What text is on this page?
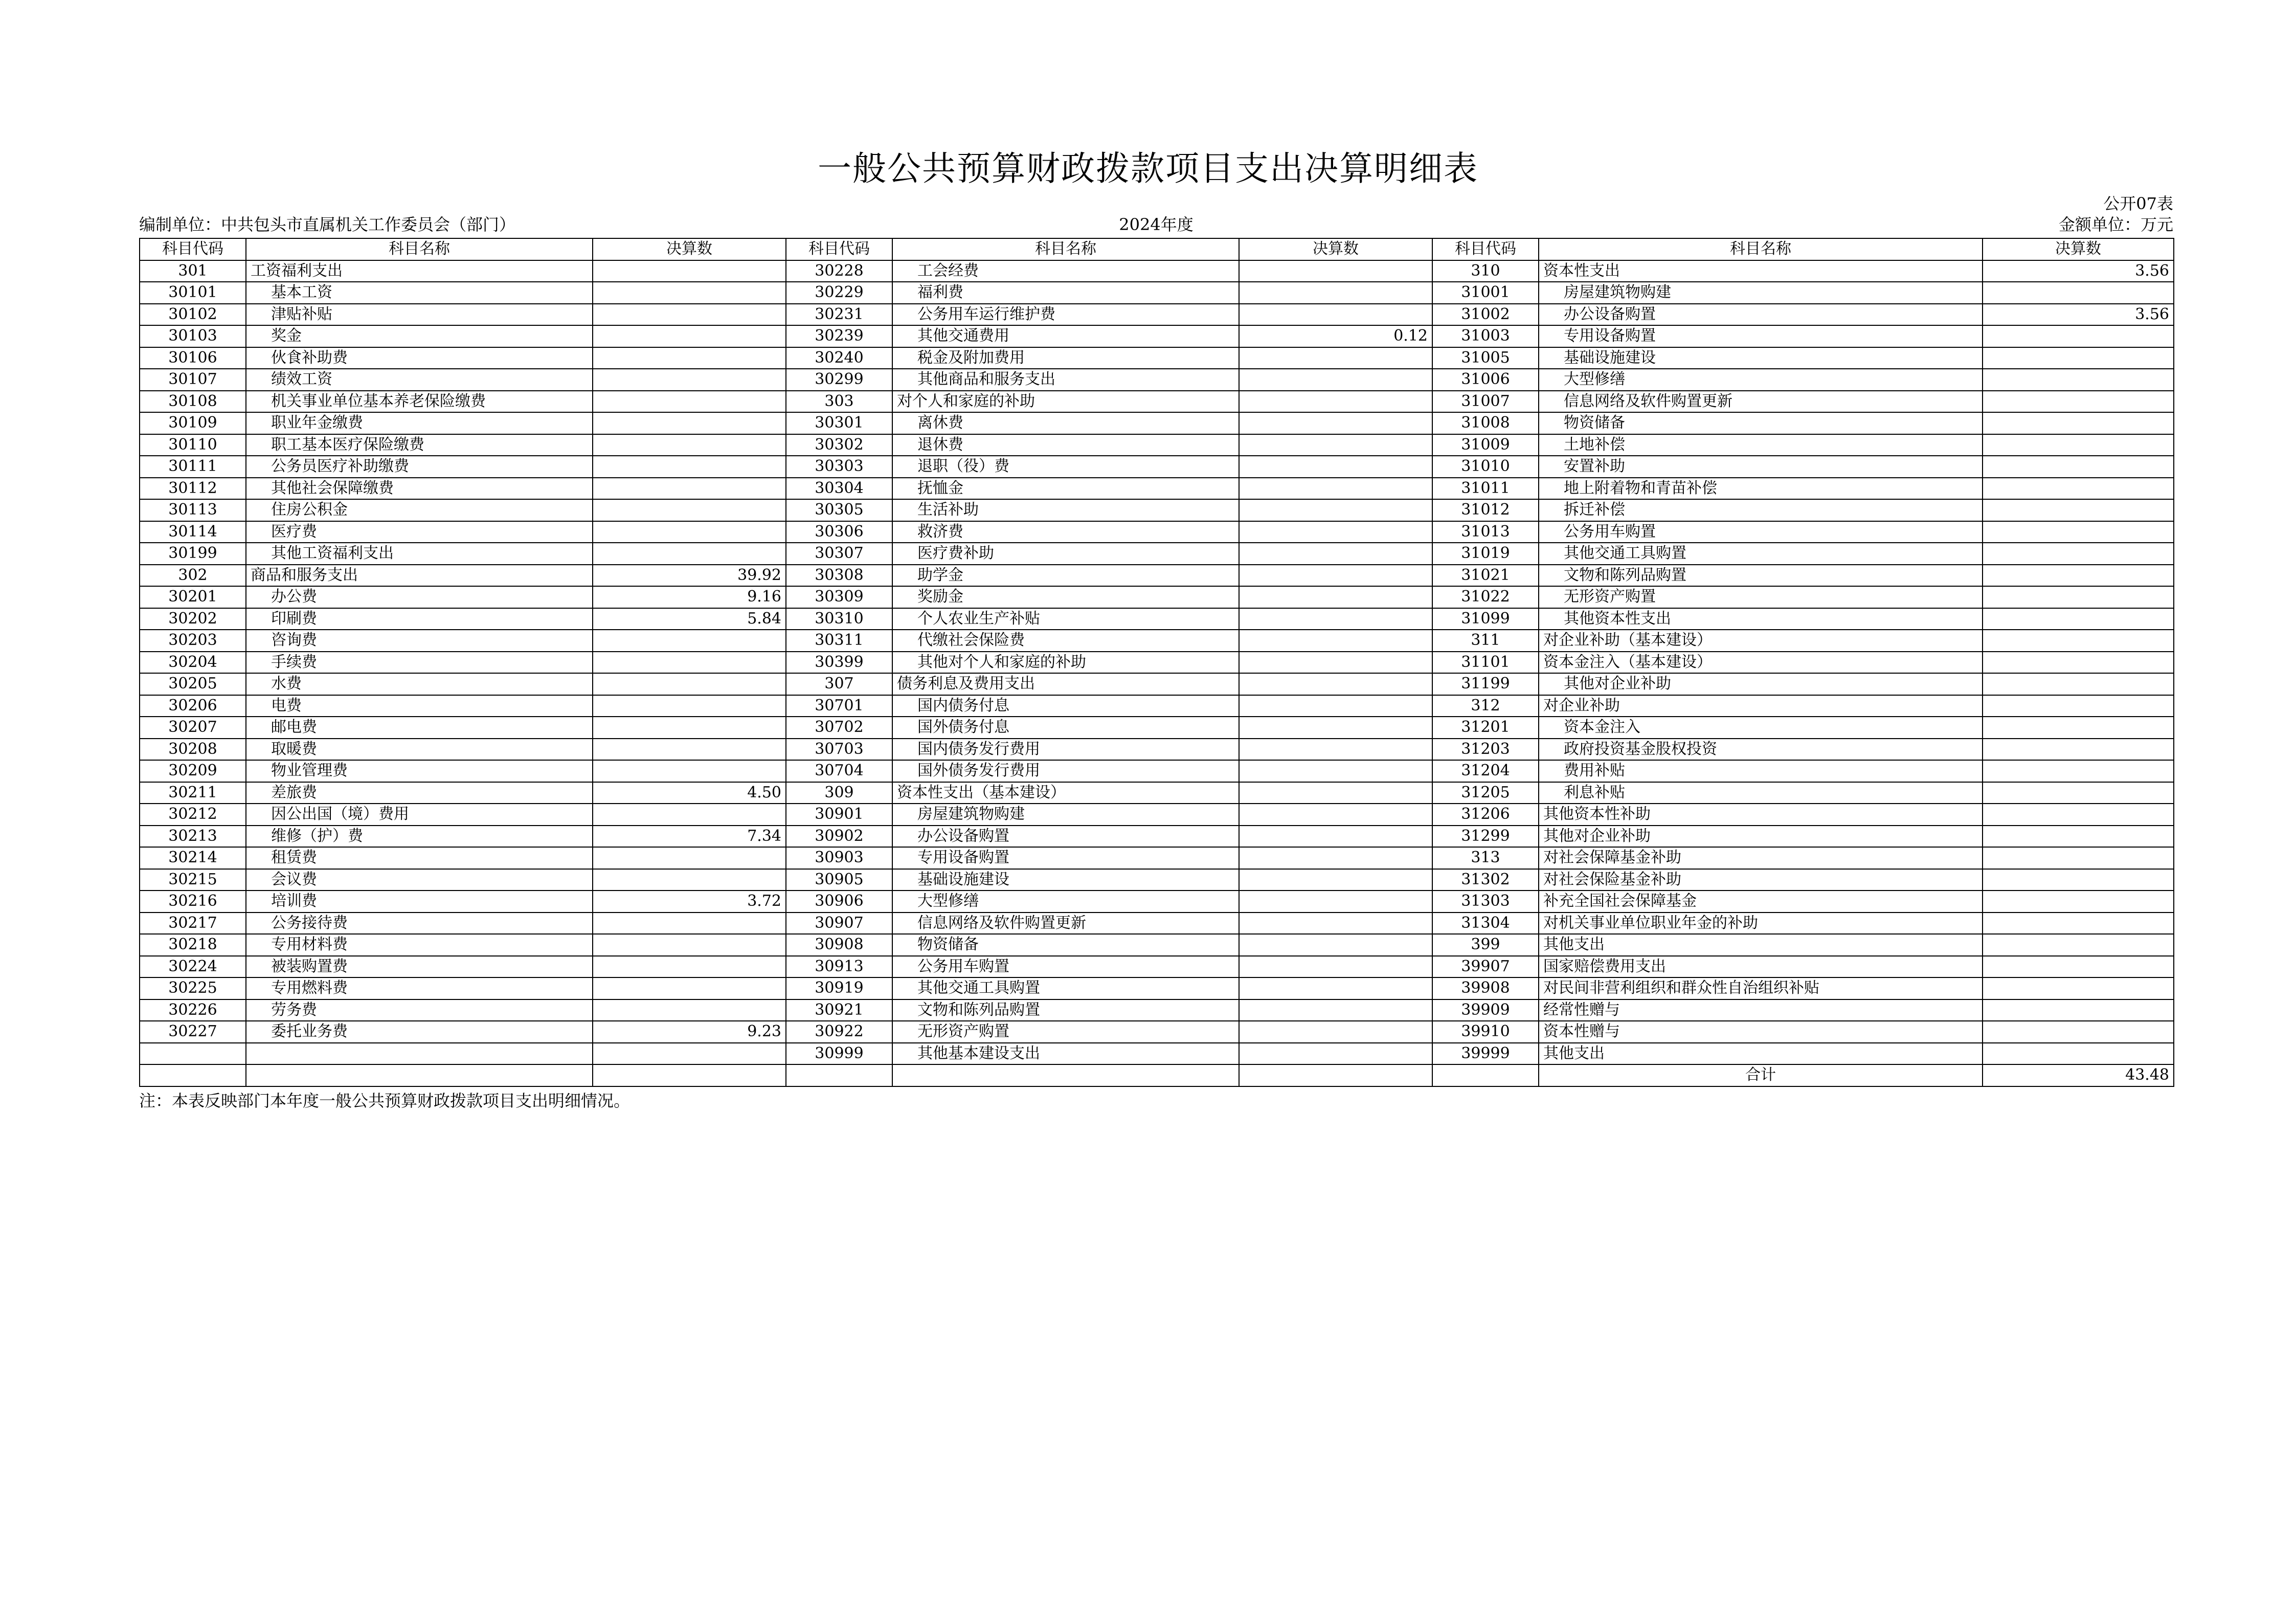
一般公共预算财政拨款项目支出决算明细表
公开07表
编制单位：中共包头市直属机关工作委员会（部门）	2024年度	金额单位：万元
科目代码	科目名称	决算数	科目代码	科目名称	决算数	科目代码	科目名称	决算数
301	工资福利支出		30228	工会经费		310	资本性支出	3.56
30101	基本工资		30229	福利费		31001	房屋建筑物购建	
30102	津贴补贴		30231	公务用车运行维护费		31002	办公设备购置	3.56
30103	奖金		30239	其他交通费用	0.12	31003	专用设备购置	
30106	伙食补助费		30240	税金及附加费用		31005	基础设施建设	
30107	绩效工资		30299	其他商品和服务支出		31006	大型修缮	
30108	机关事业单位基本养老保险缴费		303	对个人和家庭的补助		31007	信息网络及软件购置更新	
30109	职业年金缴费		30301	离休费		31008	物资储备	
30110	职工基本医疗保险缴费		30302	退休费		31009	土地补偿	
30111	公务员医疗补助缴费		30303	退职（役）费		31010	安置补助	
30112	其他社会保障缴费		30304	抚恤金		31011	地上附着物和青苗补偿	
30113	住房公积金		30305	生活补助		31012	拆迁补偿	
30114	医疗费		30306	救济费		31013	公务用车购置	
30199	其他工资福利支出		30307	医疗费补助		31019	其他交通工具购置	
302	商品和服务支出	39.92	30308	助学金		31021	文物和陈列品购置	
30201	办公费	9.16	30309	奖励金		31022	无形资产购置	
30202	印刷费	5.84	30310	个人农业生产补贴		31099	其他资本性支出	
30203	咨询费		30311	代缴社会保险费		311	对企业补助（基本建设）	
30204	手续费		30399	其他对个人和家庭的补助		31101	资本金注入（基本建设）	
30205	水费		307	债务利息及费用支出		31199	其他对企业补助	
30206	电费		30701	国内债务付息		312	对企业补助	
30207	邮电费		30702	国外债务付息		31201	资本金注入	
30208	取暖费		30703	国内债务发行费用		31203	政府投资基金股权投资	
30209	物业管理费		30704	国外债务发行费用		31204	费用补贴	
30211	差旅费	4.50	309	资本性支出（基本建设）		31205	利息补贴	
30212	因公出国（境）费用		30901	房屋建筑物购建		31206	其他资本性补助	
30213	维修（护）费	7.34	30902	办公设备购置		31299	其他对企业补助	
30214	租赁费		30903	专用设备购置		313	对社会保障基金补助	
30215	会议费		30905	基础设施建设		31302	对社会保险基金补助	
30216	培训费	3.72	30906	大型修缮		31303	补充全国社会保障基金	
30217	公务接待费		30907	信息网络及软件购置更新		31304	对机关事业单位职业年金的补助	
30218	专用材料费		30908	物资储备		399	其他支出	
30224	被装购置费		30913	公务用车购置		39907	国家赔偿费用支出	
30225	专用燃料费		30919	其他交通工具购置		39908	对民间非营利组织和群众性自治组织补贴	
30226	劳务费		30921	文物和陈列品购置		39909	经常性赠与	
30227	委托业务费	9.23	30922	无形资产购置		39910	资本性赠与	
			30999	其他基本建设支出		39999	其他支出	
							合计	43.48
注：本表反映部门本年度一般公共预算财政拨款项目支出明细情况。
